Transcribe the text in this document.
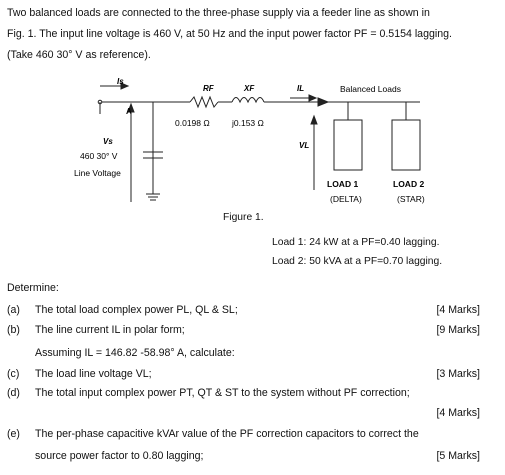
Two balanced loads are connected to the three-phase supply via a feeder line as shown in
Fig. 1. The input line voltage is 460 V, at 50 Hz and the input power factor PF = 0.5154 lagging.
(Take 460 30° V as reference).
Is
A
RF	XF	IL	Balanced Loads
0.0198 Ω	j0.153 Ω
Vs
460 30° V
Line Voltage
VL
LOAD 1
(DELTA)
LOAD 2
(STAR)
Figure 1.
Load 1: 24 kW at a PF=0.40 lagging.
Load 2: 50 kVA at a PF=0.70 lagging.
Determine:
(a) The total load complex power PL, QL & SL;	[4 Marks]
(b) The line current IL in polar form;	[9 Marks]
Assuming IL = 146.82 -58.98° A, calculate:
(c) The load line voltage VL;	[3 Marks]
(d) The total input complex power PT, QT & ST to the system without PF correction;
[4 Marks]
(e) The per-phase capacitive kVAr value of the PF correction capacitors to correct the
source power factor to 0.80 lagging;	[5 Marks]
